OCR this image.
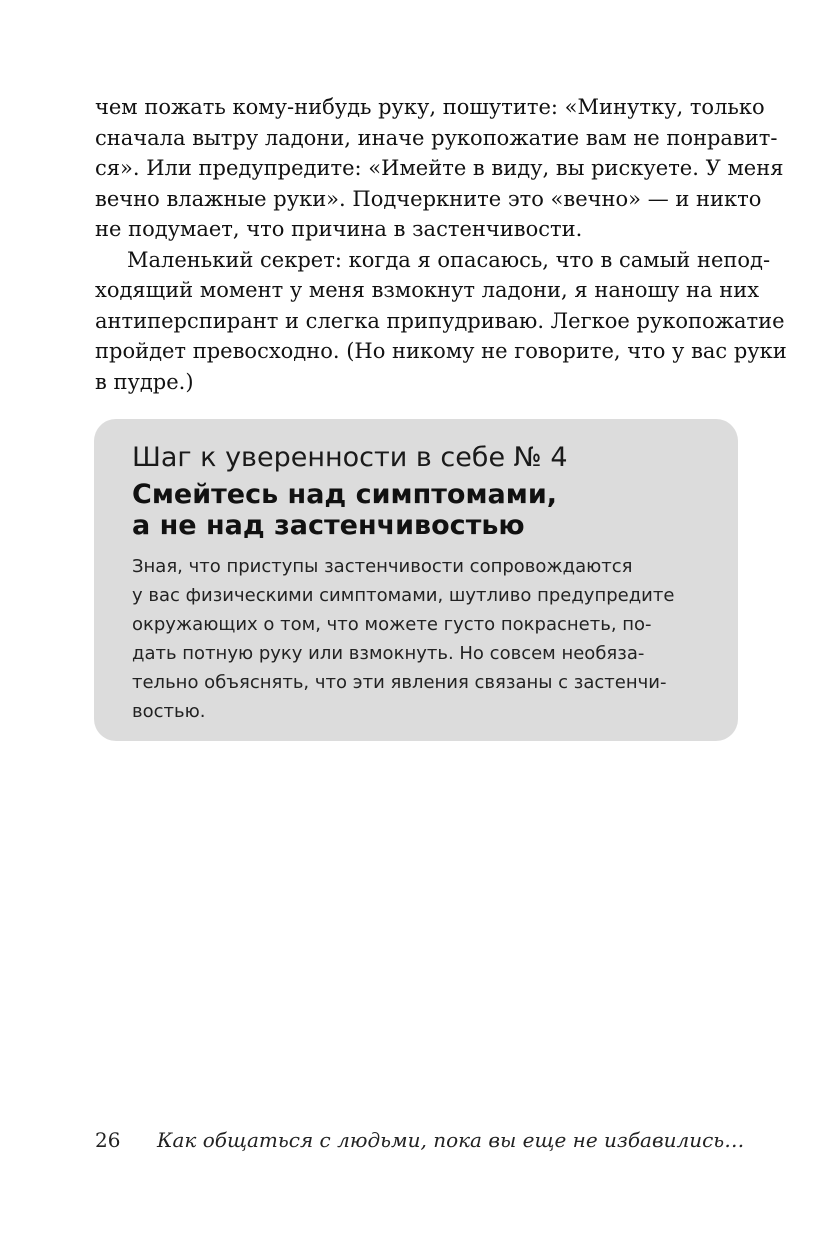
чем пожать кому-нибудь руку, пошутите: «Минутку, только
сначала вытру ладони, иначе рукопожатие вам не понравит-
ся». Или предупредите: «Имейте в виду, вы рискуете. У меня
вечно влажные руки». Подчеркните это «вечно» — и никто
не подумает, что причина в застенчивости.
Маленький секрет: когда я опасаюсь, что в самый непод-
ходящий момент у меня взмокнут ладони, я наношу на них
антиперспирант и слегка припудриваю. Легкое рукопожатие
пройдет превосходно. (Но никому не говорите, что у вас руки
в пудре.)
Шаг к уверенности в себе № 4
Смейтесь над симптомами,
а не над застенчивостью
Зная, что приступы застенчивости сопровождаются
у вас физическими симптомами, шутливо предупредите
окружающих о том, что можете густо покраснеть, по-
дать потную руку или взмокнуть. Но совсем необяза-
тельно объяснять, что эти явления связаны с застенчи-
востью.
26 Как общаться с людьми, пока вы еще не избавились…
